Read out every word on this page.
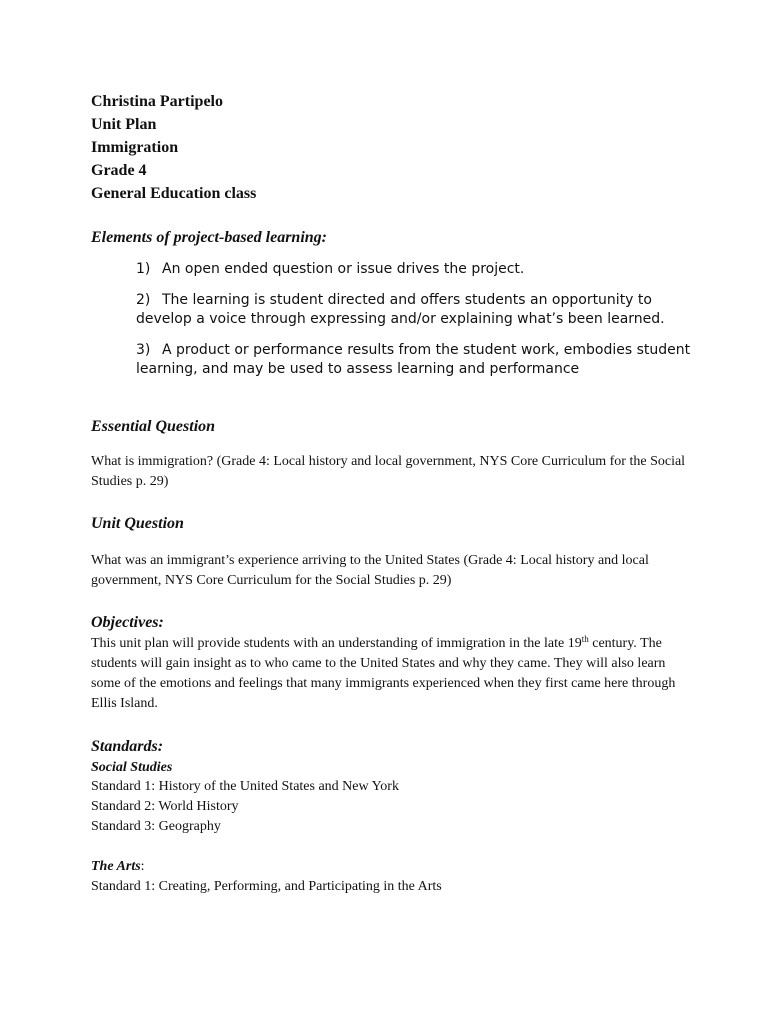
Christina Partipelo
Unit Plan
Immigration
Grade 4
General Education class
Elements of project-based learning:
1) An open ended question or issue drives the project.
2) The learning is student directed and offers students an opportunity to develop a voice through expressing and/or explaining what’s been learned.
3) A product or performance results from the student work, embodies student learning, and may be used to assess learning and performance
Essential Question
What is immigration? (Grade 4: Local history and local government, NYS Core Curriculum for the Social Studies p. 29)
Unit Question
What was an immigrant’s experience arriving to the United States (Grade 4: Local history and local government, NYS Core Curriculum for the Social Studies p. 29)
Objectives:
This unit plan will provide students with an understanding of immigration in the late 19th century. The students will gain insight as to who came to the United States and why they came. They will also learn some of the emotions and feelings that many immigrants experienced when they first came here through Ellis Island.
Standards:
Social Studies
Standard 1: History of the United States and New York
Standard 2: World History
Standard 3: Geography
The Arts:
Standard 1: Creating, Performing, and Participating in the Arts
